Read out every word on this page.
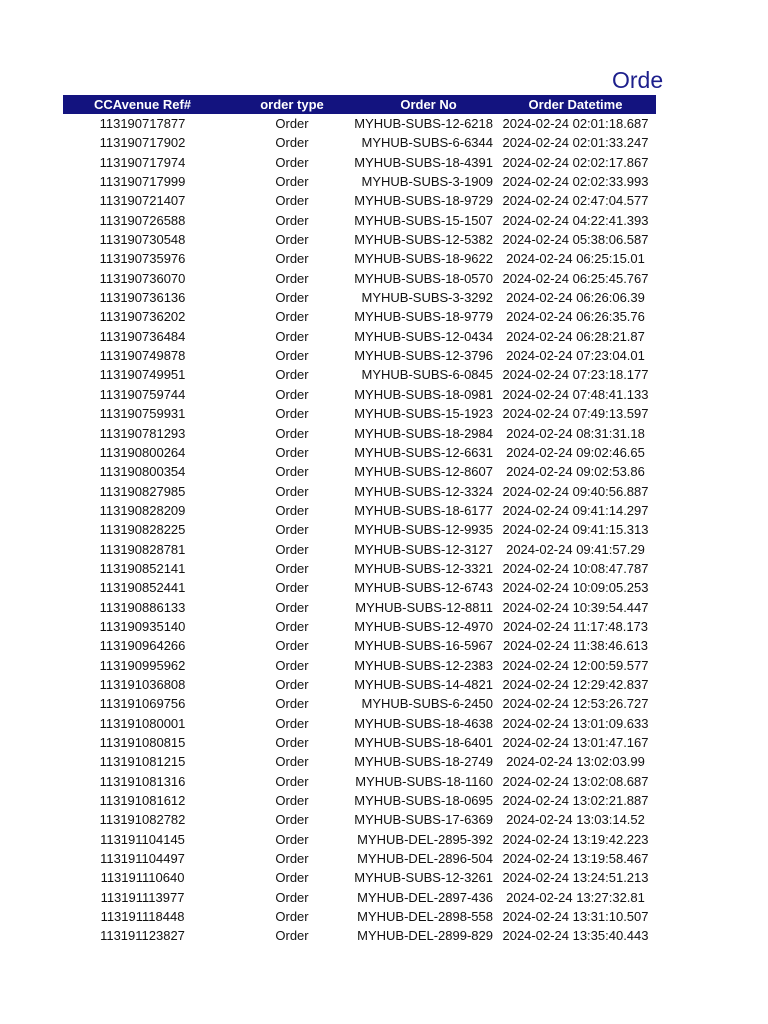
Orde
CCAvenue Ref#	order type	Order No	Order Datetime
113190717877	Order	MYHUB-SUBS-12-6218 2024-02-24 02:01:18.687
113190717902	Order	MYHUB-SUBS-6-6344 2024-02-24 02:01:33.247
113190717974	Order	MYHUB-SUBS-18-4391 2024-02-24 02:02:17.867
113190717999	Order	MYHUB-SUBS-3-1909 2024-02-24 02:02:33.993
113190721407	Order	MYHUB-SUBS-18-9729 2024-02-24 02:47:04.577
113190726588	Order	MYHUB-SUBS-15-1507 2024-02-24 04:22:41.393
113190730548	Order	MYHUB-SUBS-12-5382 2024-02-24 05:38:06.587
113190735976	Order	MYHUB-SUBS-18-9622	2024-02-24 06:25:15.01
113190736070	Order	MYHUB-SUBS-18-0570 2024-02-24 06:25:45.767
113190736136	Order	MYHUB-SUBS-3-3292	2024-02-24 06:26:06.39
113190736202	Order	MYHUB-SUBS-18-9779	2024-02-24 06:26:35.76
113190736484	Order	MYHUB-SUBS-12-0434	2024-02-24 06:28:21.87
113190749878	Order	MYHUB-SUBS-12-3796	2024-02-24 07:23:04.01
113190749951	Order	MYHUB-SUBS-6-0845 2024-02-24 07:23:18.177
113190759744	Order	MYHUB-SUBS-18-0981 2024-02-24 07:48:41.133
113190759931	Order	MYHUB-SUBS-15-1923 2024-02-24 07:49:13.597
113190781293	Order	MYHUB-SUBS-18-2984	2024-02-24 08:31:31.18
113190800264	Order	MYHUB-SUBS-12-6631	2024-02-24 09:02:46.65
113190800354	Order	MYHUB-SUBS-12-8607	2024-02-24 09:02:53.86
113190827985	Order	MYHUB-SUBS-12-3324 2024-02-24 09:40:56.887
113190828209	Order	MYHUB-SUBS-18-6177 2024-02-24 09:41:14.297
113190828225	Order	MYHUB-SUBS-12-9935 2024-02-24 09:41:15.313
113190828781	Order	MYHUB-SUBS-12-3127	2024-02-24 09:41:57.29
113190852141	Order	MYHUB-SUBS-12-3321 2024-02-24 10:08:47.787
113190852441	Order	MYHUB-SUBS-12-6743 2024-02-24 10:09:05.253
113190886133	Order	MYHUB-SUBS-12-8811 2024-02-24 10:39:54.447
113190935140	Order	MYHUB-SUBS-12-4970 2024-02-24 11:17:48.173
113190964266	Order	MYHUB-SUBS-16-5967 2024-02-24 11:38:46.613
113190995962	Order	MYHUB-SUBS-12-2383 2024-02-24 12:00:59.577
113191036808	Order	MYHUB-SUBS-14-4821 2024-02-24 12:29:42.837
113191069756	Order	MYHUB-SUBS-6-2450 2024-02-24 12:53:26.727
113191080001	Order	MYHUB-SUBS-18-4638 2024-02-24 13:01:09.633
113191080815	Order	MYHUB-SUBS-18-6401 2024-02-24 13:01:47.167
113191081215	Order	MYHUB-SUBS-18-2749	2024-02-24 13:02:03.99
113191081316	Order	MYHUB-SUBS-18-1160 2024-02-24 13:02:08.687
113191081612	Order	MYHUB-SUBS-18-0695 2024-02-24 13:02:21.887
113191082782	Order	MYHUB-SUBS-17-6369	2024-02-24 13:03:14.52
113191104145	Order	MYHUB-DEL-2895-392 2024-02-24 13:19:42.223
113191104497	Order	MYHUB-DEL-2896-504 2024-02-24 13:19:58.467
113191110640	Order	MYHUB-SUBS-12-3261 2024-02-24 13:24:51.213
113191113977	Order	MYHUB-DEL-2897-436	2024-02-24 13:27:32.81
113191118448	Order	MYHUB-DEL-2898-558 2024-02-24 13:31:10.507
113191123827	Order	MYHUB-DEL-2899-829 2024-02-24 13:35:40.443
